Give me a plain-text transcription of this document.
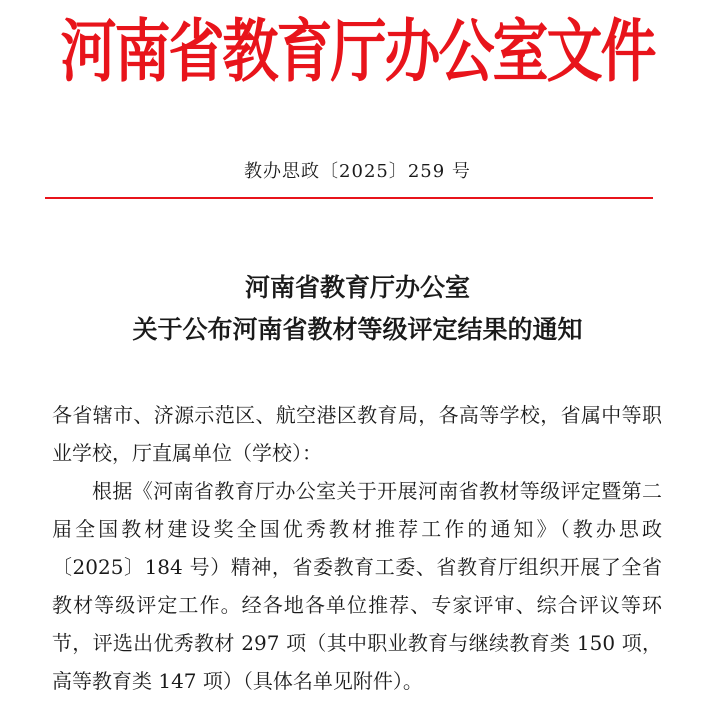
河南省教育厅办公室文件
教办思政〔2025〕259 号
河南省教育厅办公室
关于公布河南省教材等级评定结果的通知

各省辖市、济源示范区、航空港区教育局，各高等学校，省属中等职业学校，厅直属单位（学校）：

根据《河南省教育厅办公室关于开展河南省教材等级评定暨第二届全国教材建设奖全国优秀教材推荐工作的通知》（教办思政〔2025〕184 号）精神，省委教育工委、省教育厅组织开展了全省教材等级评定工作。经各地各单位推荐、专家评审、综合评议等环节，评选出优秀教材 297 项（其中职业教育与继续教育类 150 项，高等教育类 147 项）（具体名单见附件）。
